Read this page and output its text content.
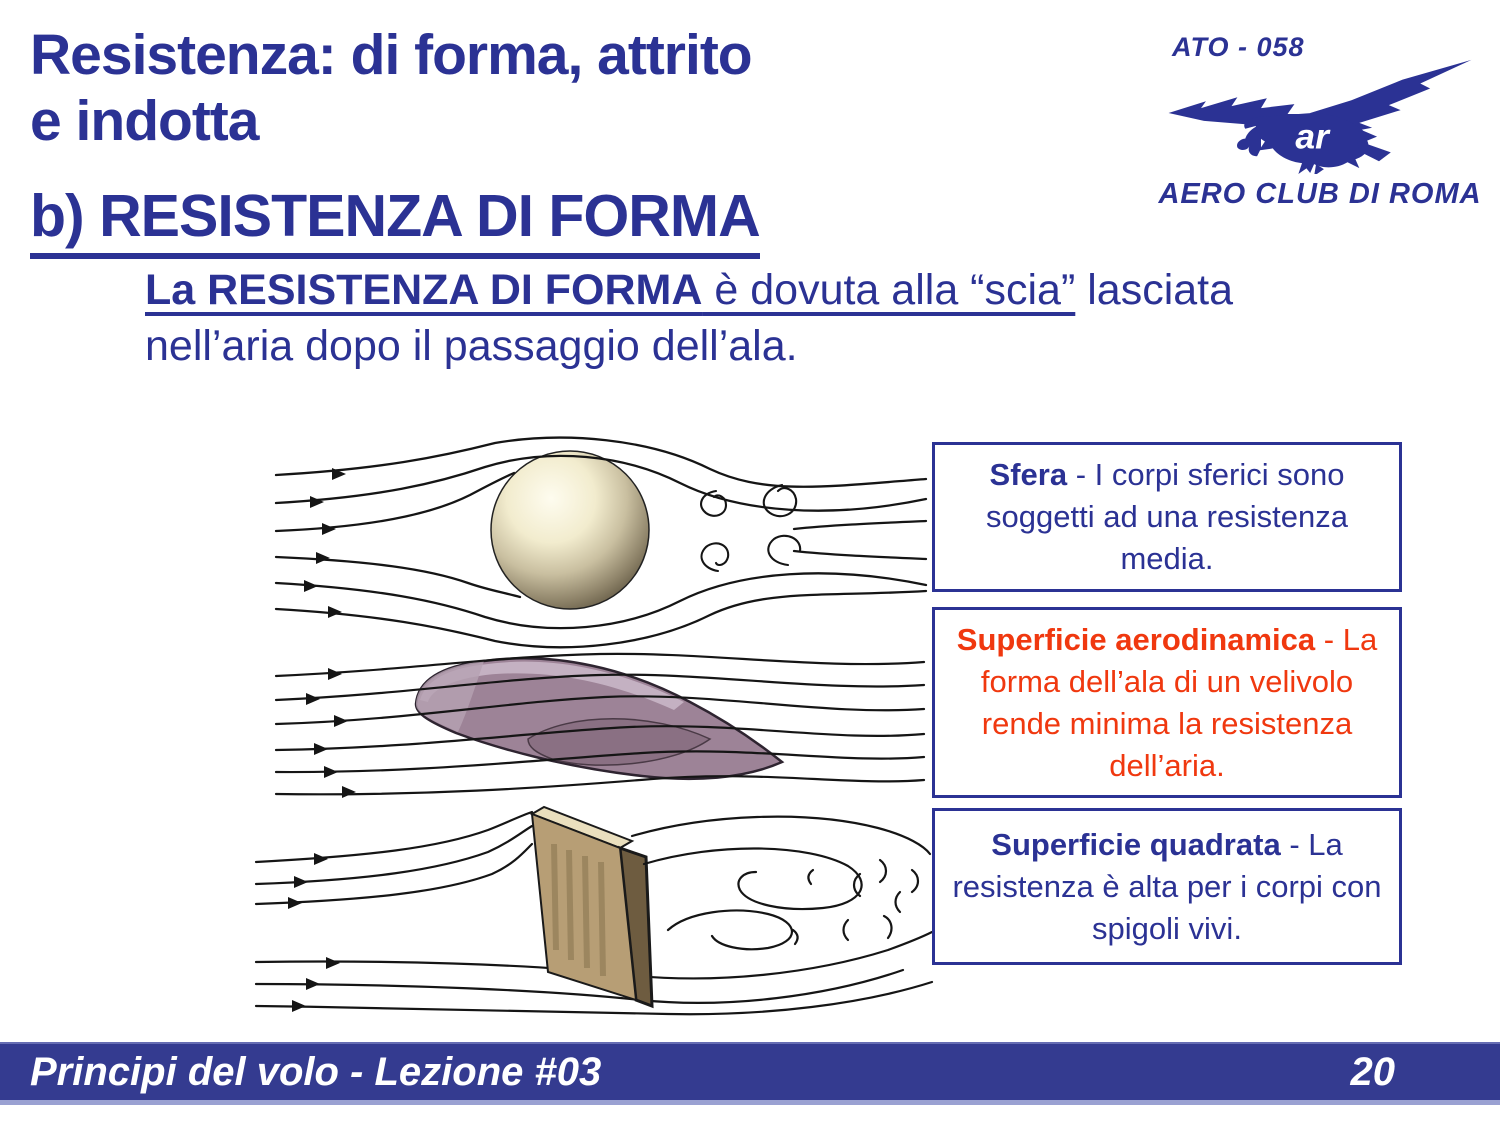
Resistenza: di forma, attrito
e indotta
ATO - 058
ar
AERO CLUB DI ROMA
b) RESISTENZA DI FORMA
La RESISTENZA DI FORMA è dovuta alla “scia” lasciata
nell’aria dopo il passaggio dell’ala.
Sfera - I corpi sferici sono soggetti ad una resistenza media.
Superficie aerodinamica - La forma dell’ala di un velivolo rende minima la resistenza dell’aria.
Superficie quadrata - La resistenza è alta per i corpi con spigoli vivi.
Principi del volo - Lezione #03	20
